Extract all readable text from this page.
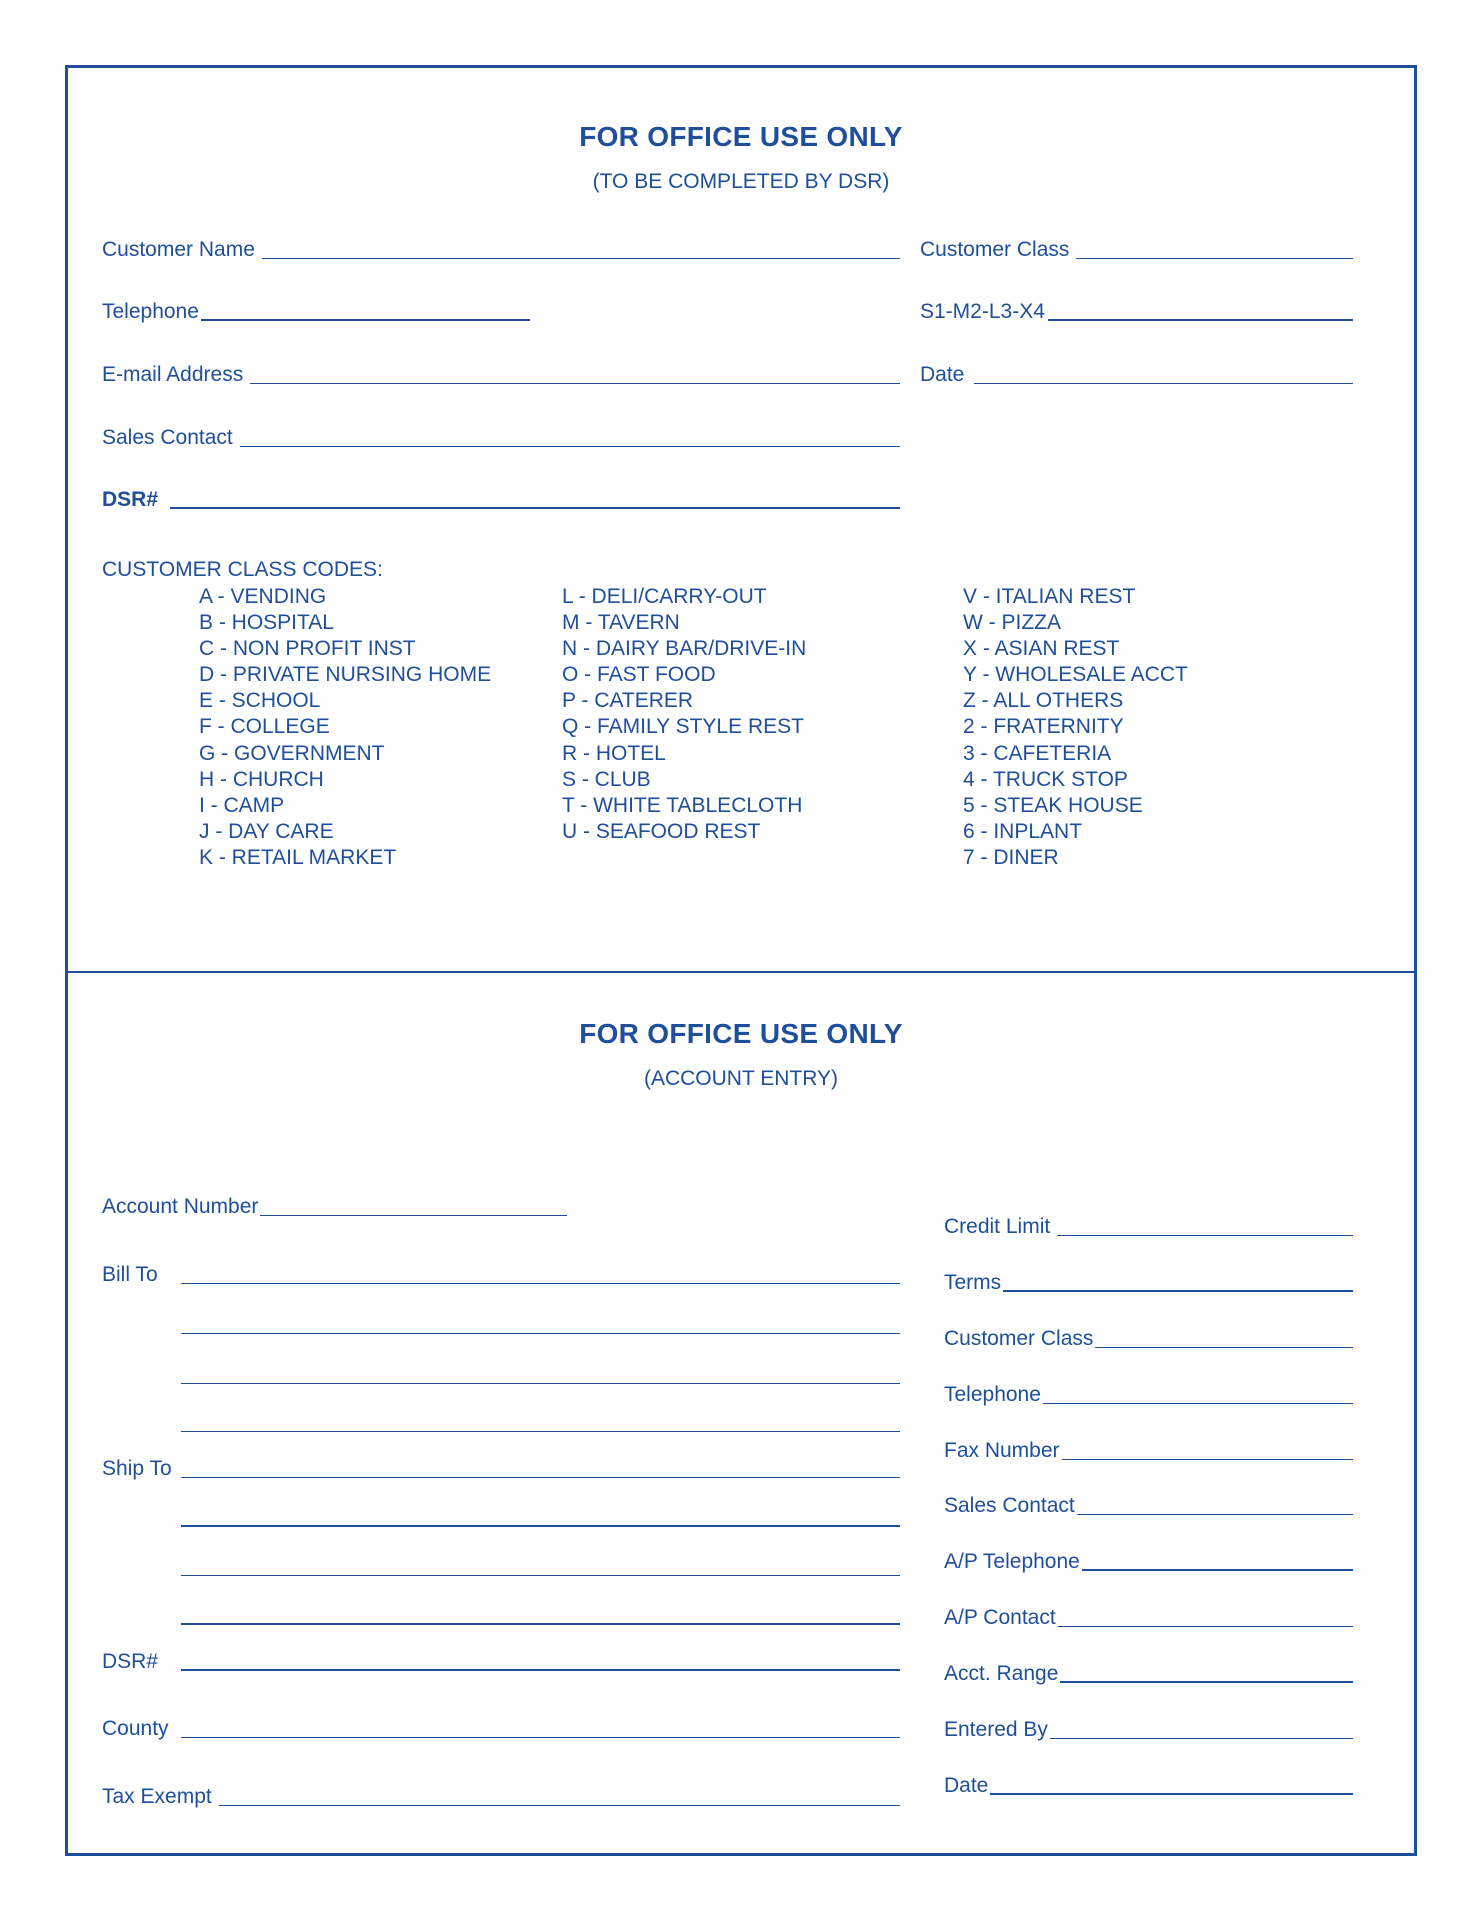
FOR OFFICE USE ONLY
(TO BE COMPLETED BY DSR)
Customer Name	Customer Class
Telephone	S1-M2-L3-X4
E-mail Address	Date
Sales Contact
DSR#
CUSTOMER CLASS CODES:
A - VENDING
B - HOSPITAL
C - NON PROFIT INST
D - PRIVATE NURSING HOME
E - SCHOOL
F - COLLEGE
G - GOVERNMENT
H - CHURCH
I - CAMP
J - DAY CARE
K - RETAIL MARKET
L - DELI/CARRY-OUT
M - TAVERN
N - DAIRY BAR/DRIVE-IN
O - FAST FOOD
P - CATERER
Q - FAMILY STYLE REST
R - HOTEL
S - CLUB
T - WHITE TABLECLOTH
U - SEAFOOD REST
V - ITALIAN REST
W - PIZZA
X - ASIAN REST
Y - WHOLESALE ACCT
Z - ALL OTHERS
2 - FRATERNITY
3 - CAFETERIA
4 - TRUCK STOP
5 - STEAK HOUSE
6 - INPLANT
7 - DINER
FOR OFFICE USE ONLY
(ACCOUNT ENTRY)
Account Number
Bill To
Ship To
DSR#
County
Tax Exempt
Credit Limit
Terms
Customer Class
Telephone
Fax Number
Sales Contact
A/P Telephone
A/P Contact
Acct. Range
Entered By
Date
